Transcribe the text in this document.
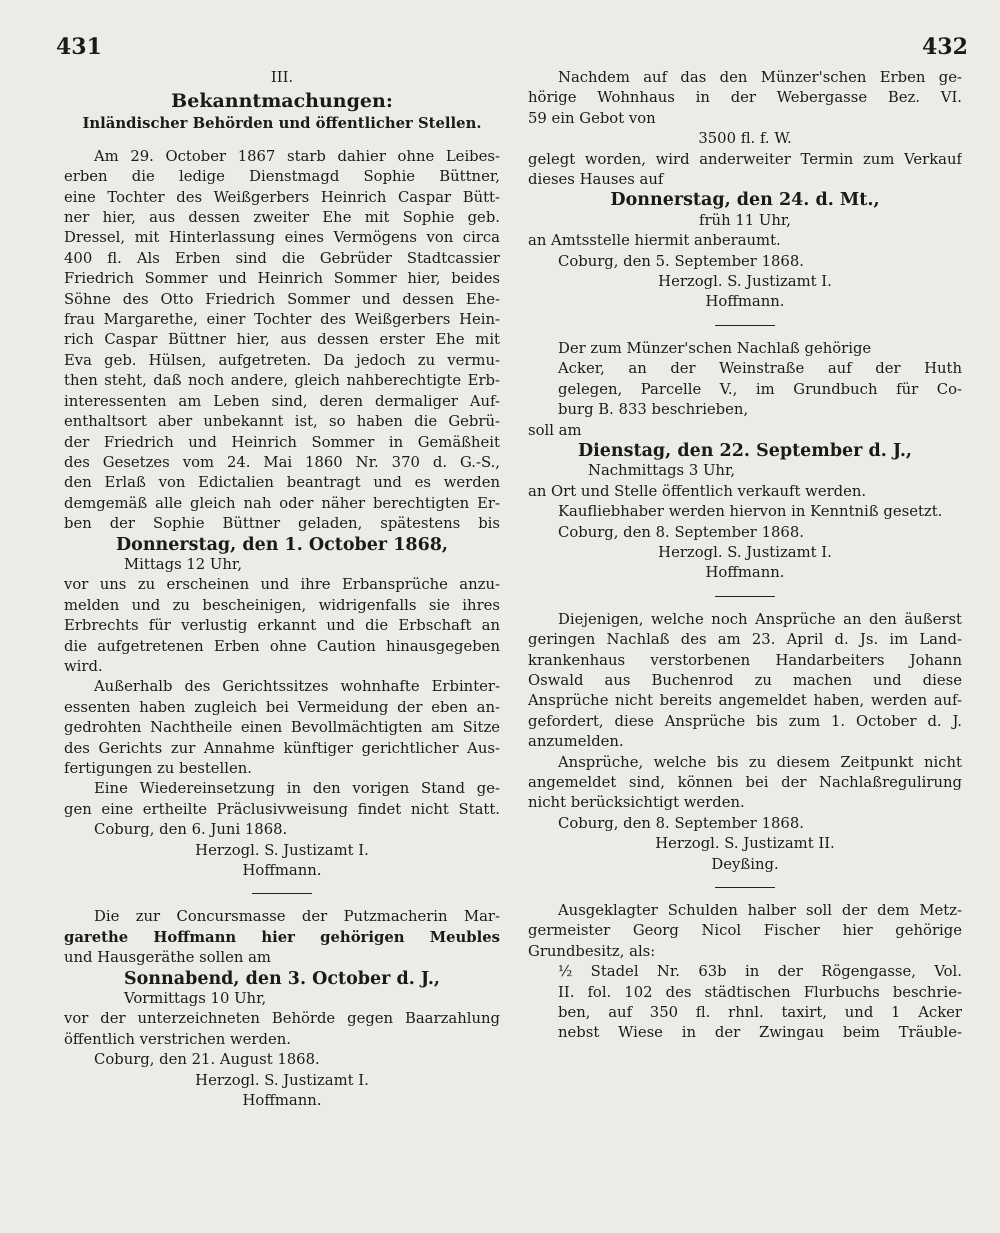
431	432
III.
Bekanntmachungen:
Inländischer Behörden und öffentlicher Stellen.
Am 29. October 1867 starb dahier ohne Leibes-
erben die ledige Dienstmagd Sophie Büttner,
eine Tochter des Weißgerbers Heinrich Caspar Bütt-
ner hier, aus dessen zweiter Ehe mit Sophie geb.
Dressel, mit Hinterlassung eines Vermögens von circa
400 fl. Als Erben sind die Gebrüder Stadtcassier
Friedrich Sommer und Heinrich Sommer hier, beides
Söhne des Otto Friedrich Sommer und dessen Ehe-
frau Margarethe, einer Tochter des Weißgerbers Hein-
rich Caspar Büttner hier, aus dessen erster Ehe mit
Eva geb. Hülsen, aufgetreten. Da jedoch zu vermu-
then steht, daß noch andere, gleich nahberechtigte Erb-
interessenten am Leben sind, deren dermaliger Auf-
enthaltsort aber unbekannt ist, so haben die Gebrü-
der Friedrich und Heinrich Sommer in Gemäßheit
des Gesetzes vom 24. Mai 1860 Nr. 370 d. G.-S.,
den Erlaß von Edictalien beantragt und es werden
demgemäß alle gleich nah oder näher berechtigten Er-
ben der Sophie Büttner geladen, spätestens bis
Donnerstag, den 1. October 1868,
Mittags 12 Uhr,
vor uns zu erscheinen und ihre Erbansprüche anzu-
melden und zu bescheinigen, widrigenfalls sie ihres
Erbrechts für verlustig erkannt und die Erbschaft an
die aufgetretenen Erben ohne Caution hinausgegeben
wird.
Außerhalb des Gerichtssitzes wohnhafte Erbinter-
essenten haben zugleich bei Vermeidung der eben an-
gedrohten Nachtheile einen Bevollmächtigten am Sitze
des Gerichts zur Annahme künftiger gerichtlicher Aus-
fertigungen zu bestellen.
Eine Wiedereinsetzung in den vorigen Stand ge-
gen eine ertheilte Präclusivweisung findet nicht Statt.
Coburg, den 6. Juni 1868.
Herzogl. S. Justizamt I.
Hoffmann.
Die zur Concursmasse der Putzmacherin Mar-
garethe Hoffmann hier gehörigen Meubles
und Hausgeräthe sollen am
Sonnabend, den 3. October d. J.,
Vormittags 10 Uhr,
vor der unterzeichneten Behörde gegen Baarzahlung
öffentlich verstrichen werden.
Coburg, den 21. August 1868.
Herzogl. S. Justizamt I.
Hoffmann.
Nachdem auf das den Münzer'schen Erben ge-
hörige Wohnhaus in der Webergasse Bez. VI.
59 ein Gebot von
3500 fl. f. W.
gelegt worden, wird anderweiter Termin zum Verkauf
dieses Hauses auf
Donnerstag, den 24. d. Mt.,
früh 11 Uhr,
an Amtsstelle hiermit anberaumt.
Coburg, den 5. September 1868.
Herzogl. S. Justizamt I.
Hoffmann.
Der zum Münzer'schen Nachlaß gehörige
Acker, an der Weinstraße auf der Huth
gelegen, Parcelle V., im Grundbuch für Co-
burg B. 833 beschrieben,
soll am
Dienstag, den 22. September d. J.,
Nachmittags 3 Uhr,
an Ort und Stelle öffentlich verkauft werden.
Kaufliebhaber werden hiervon in Kenntniß gesetzt.
Coburg, den 8. September 1868.
Herzogl. S. Justizamt I.
Hoffmann.
Diejenigen, welche noch Ansprüche an den äußerst
geringen Nachlaß des am 23. April d. Js. im Land-
krankenhaus verstorbenen Handarbeiters Johann
Oswald aus Buchenrod zu machen und diese
Ansprüche nicht bereits angemeldet haben, werden auf-
gefordert, diese Ansprüche bis zum 1. October d. J.
anzumelden.
Ansprüche, welche bis zu diesem Zeitpunkt nicht
angemeldet sind, können bei der Nachlaßregulirung
nicht berücksichtigt werden.
Coburg, den 8. September 1868.
Herzogl. S. Justizamt II.
Deyßing.
Ausgeklagter Schulden halber soll der dem Metz-
germeister Georg Nicol Fischer hier gehörige
Grundbesitz, als:
½ Stadel Nr. 63b in der Rögengasse, Vol.
II. fol. 102 des städtischen Flurbuchs beschrie-
ben, auf 350 fl. rhnl. taxirt, und 1 Acker
nebst Wiese in der Zwingau beim Träuble-
